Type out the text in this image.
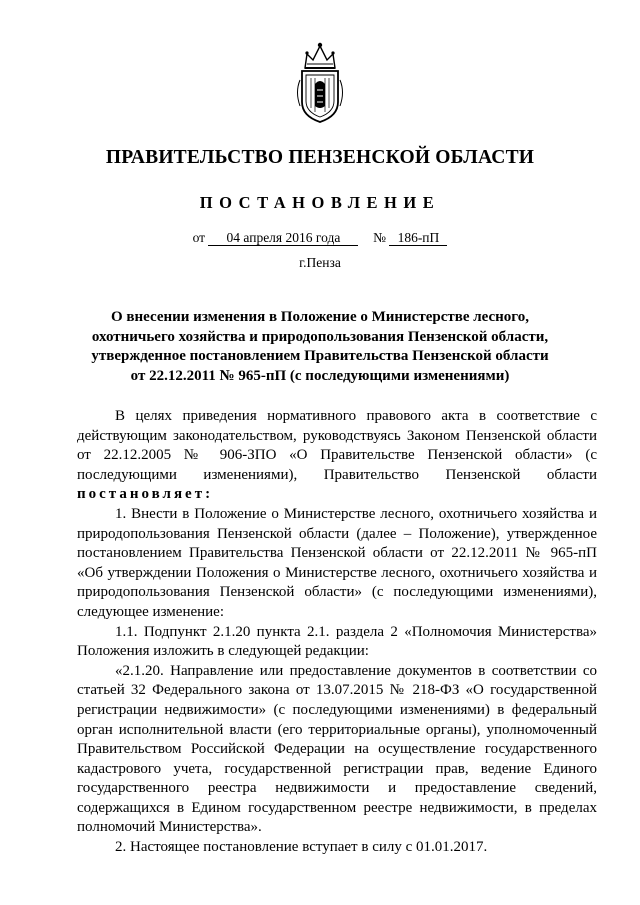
ПРАВИТЕЛЬСТВО ПЕНЗЕНСКОЙ ОБЛАСТИ
ПОСТАНОВЛЕНИЕ
от 04 апреля 2016 года № 186-пП
г.Пенза
О внесении изменения в Положение о Министерстве лесного,
охотничьего хозяйства и природопользования Пензенской области,
утвержденное постановлением Правительства Пензенской области
от 22.12.2011 № 965-пП (с последующими изменениями)

В целях приведения нормативного правового акта в соответствие с действующим законодательством, руководствуясь Законом Пензенской области от 22.12.2005 № 906-ЗПО «О Правительстве Пензенской области» (с последующими изменениями), Правительство Пензенской области постановляет:

1. Внести в Положение о Министерстве лесного, охотничьего хозяйства и природопользования Пензенской области (далее – Положение), утвержденное постановлением Правительства Пензенской области от 22.12.2011 № 965-пП «Об утверждении Положения о Министерстве лесного, охотничьего хозяйства и природопользования Пензенской области» (с последующими изменениями), следующее изменение:

1.1. Подпункт 2.1.20 пункта 2.1. раздела 2 «Полномочия Министерства» Положения изложить в следующей редакции:

«2.1.20. Направление или предоставление документов в соответствии со статьей 32 Федерального закона от 13.07.2015 № 218-ФЗ «О государственной регистрации недвижимости» (с последующими изменениями) в федеральный орган исполнительной власти (его территориальные органы), уполномоченный Правительством Российской Федерации на осуществление государственного кадастрового учета, государственной регистрации прав, ведение Единого государственного реестра недвижимости и предоставление сведений, содержащихся в Едином государственном реестре недвижимости, в пределах полномочий Министерства».

2. Настоящее постановление вступает в силу с 01.01.2017.
